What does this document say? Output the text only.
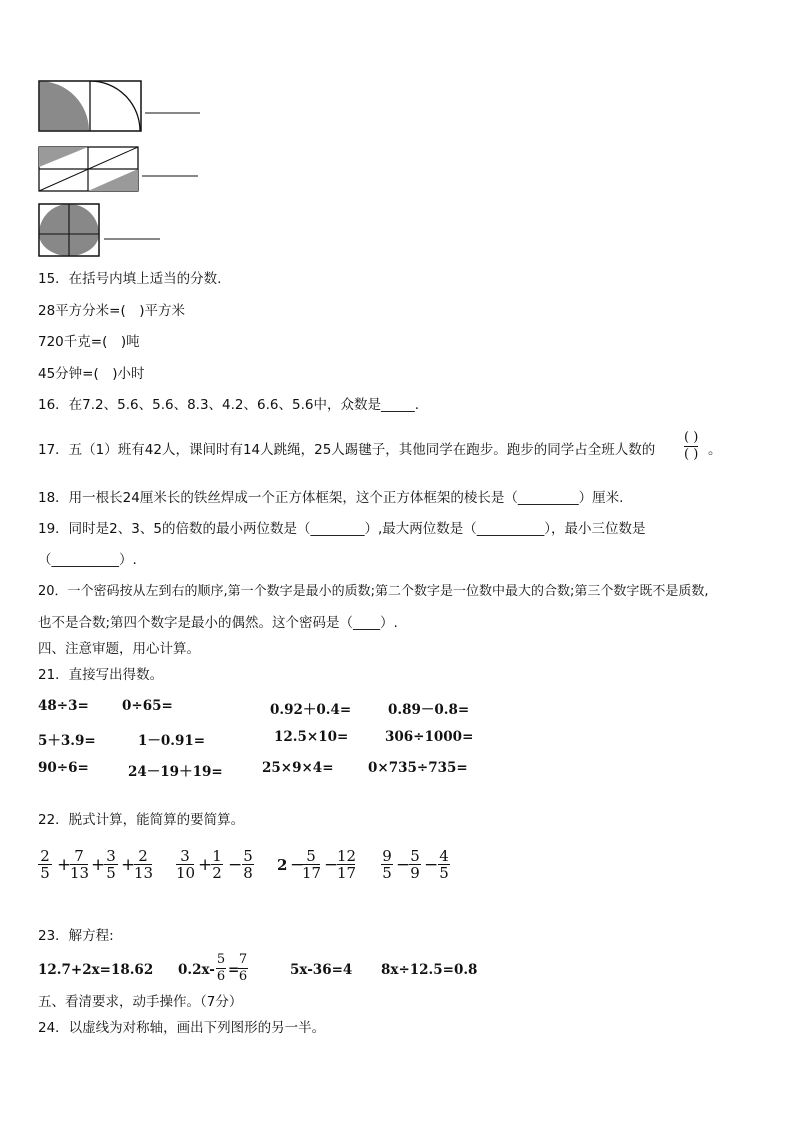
15．在括号内填上适当的分数.
28平方分米=(　)平方米
720千克=(　)吨
45分钟=(　)小时
16．在7.2、5.6、5.6、8.3、4.2、6.6、5.6中，众数是_____.
17．五（1）班有42人，课间时有14人跳绳，25人踢毽子，其他同学在跑步。跑步的同学占全班人数的
( )
( ) 。
18．用一根长24厘米长的铁丝焊成一个正方体框架，这个正方体框架的棱长是（_________）厘米.
19．同时是2、3、5的倍数的最小两位数是（________）,最大两位数是（__________），最小三位数是
（__________）.
20．一个密码按从左到右的顺序,第一个数字是最小的质数;第二个数字是一位数中最大的合数;第三个数字既不是质数,
也不是合数;第四个数字是最小的偶然。这个密码是（____）.
四、注意审题，用心计算。
21．直接写出得数。
48÷3= 0÷65=	0.92＋0.4=	0.89－0.8=
5＋3.9=	1－0.91=	12.5×10=	306÷1000=
90÷6=	24－19＋19=	25×9×4=	0×735÷735=
22．脱式计算，能简算的要简算。
$\frac{2}{5}$ +
$\frac{7}{13}$ +
$\frac{3}{5}$ +
$\frac{2}{13} \frac{3}{10}$ +
$\frac{1}{2} - \frac{5}{8} 2$ −
$\frac{5}{17}$ −
$\frac{12}{17} \frac{9}{5}$ −
$\frac{5}{9} - \frac{4}{5}$
23．解方程:
12.7+2x=18.62 $0.2x- \frac{5}{6}$ =
$\frac{7}{6}$	5x-36=4 8x÷12.5=0.8
五、看清要求，动手操作。（7分）
24．以虚线为对称轴，画出下列图形的另一半。
